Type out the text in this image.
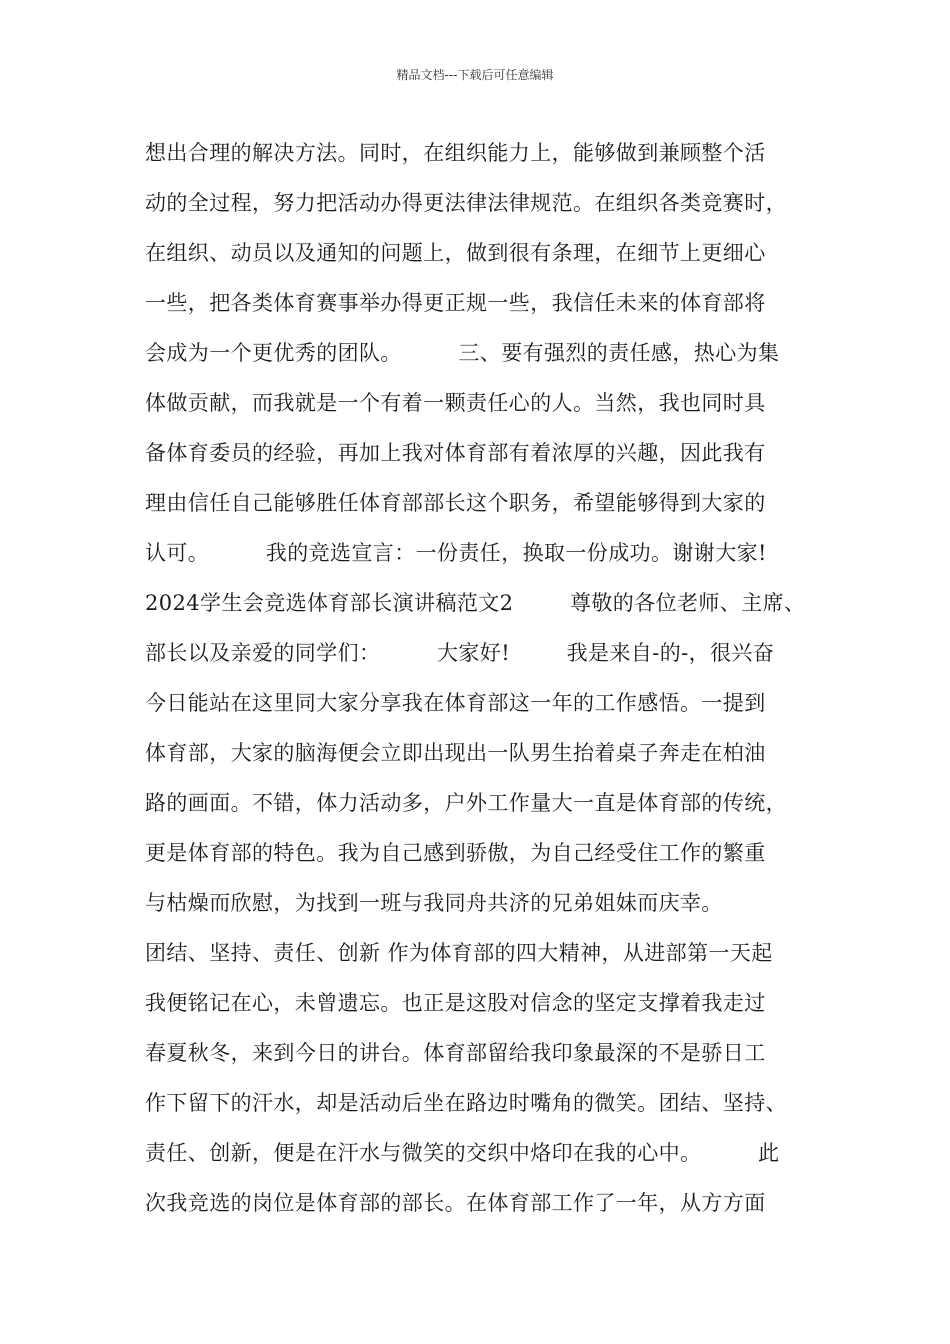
精品文档---下载后可任意编辑
想出合理的解决方法。同时，在组织能力上，能够做到兼顾整个活
动的全过程，努力把活动办得更法律法律规范。在组织各类竞赛时，
在组织、动员以及通知的问题上，做到很有条理，在细节上更细心
一些，把各类体育赛事举办得更正规一些，我信任未来的体育部将
会成为一个更优秀的团队。        三、要有强烈的责任感，热心为集
体做贡献，而我就是一个有着一颗责任心的人。当然，我也同时具
备体育委员的经验，再加上我对体育部有着浓厚的兴趣，因此我有
理由信任自己能够胜任体育部部长这个职务，希望能够得到大家的
认可。        我的竞选宣言：一份责任，换取一份成功。谢谢大家!
2024学生会竞选体育部长演讲稿范文2        尊敬的各位老师、主席、
部长以及亲爱的同学们：        大家好!        我是来自-的-，很兴奋
今日能站在这里同大家分享我在体育部这一年的工作感悟。一提到
体育部，大家的脑海便会立即出现出一队男生抬着桌子奔走在柏油
路的画面。不错，体力活动多，户外工作量大一直是体育部的传统，
更是体育部的特色。我为自己感到骄傲，为自己经受住工作的繁重
与枯燥而欣慰，为找到一班与我同舟共济的兄弟姐妹而庆幸。
团结、坚持、责任、创新 作为体育部的四大精神，从进部第一天起
我便铭记在心，未曾遗忘。也正是这股对信念的坚定支撑着我走过
春夏秋冬，来到今日的讲台。体育部留给我印象最深的不是骄日工
作下留下的汗水，却是活动后坐在路边时嘴角的微笑。团结、坚持、
责任、创新，便是在汗水与微笑的交织中烙印在我的心中。        此
次我竞选的岗位是体育部的部长。在体育部工作了一年，从方方面
